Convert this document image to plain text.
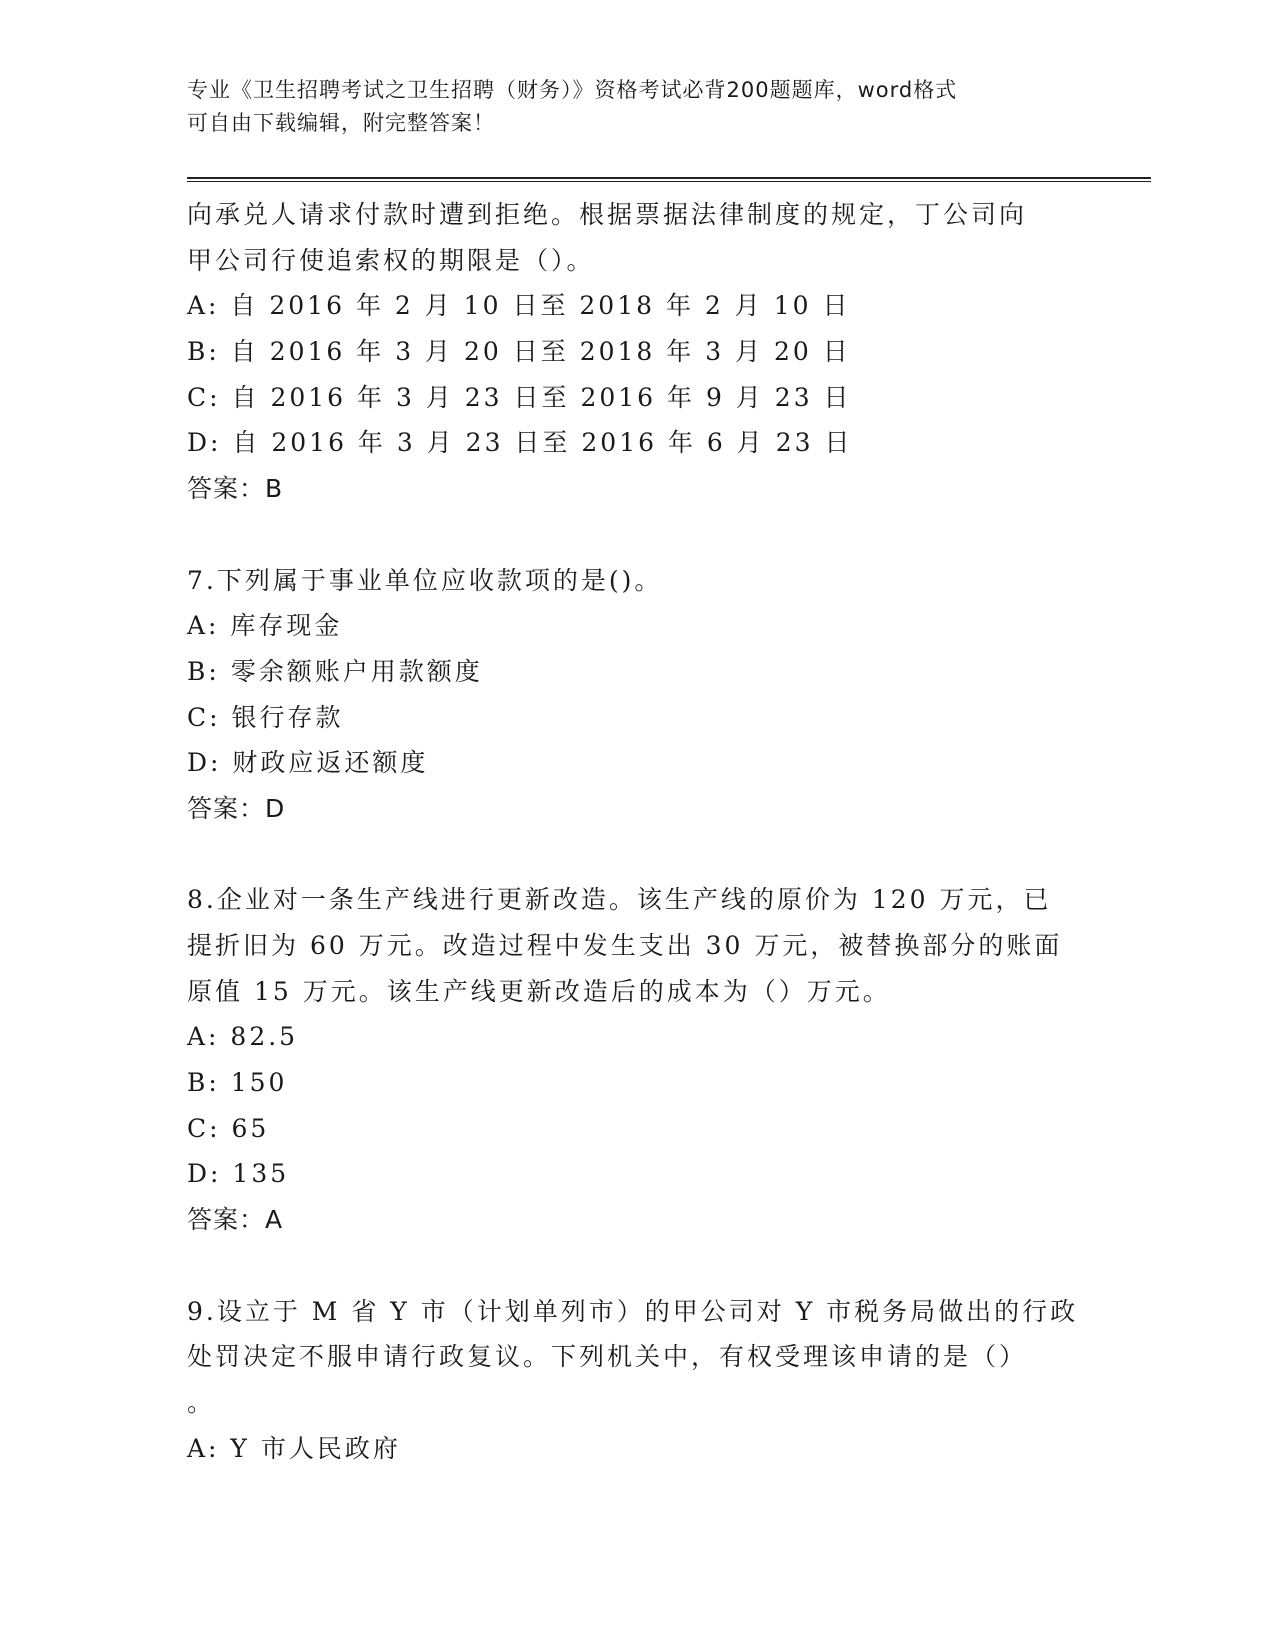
专业《卫生招聘考试之卫生招聘（财务）》资格考试必背200题题库，word格式
可自由下载编辑，附完整答案！
向承兑人请求付款时遭到拒绝。根据票据法律制度的规定，丁公司向
甲公司行使追索权的期限是（）。
A: 自 2016 年 2 月 10 日至 2018 年 2 月 10 日
B: 自 2016 年 3 月 20 日至 2018 年 3 月 20 日
C: 自 2016 年 3 月 23 日至 2016 年 9 月 23 日
D: 自 2016 年 3 月 23 日至 2016 年 6 月 23 日
答案：B
7.下列属于事业单位应收款项的是()。
A: 库存现金
B: 零余额账户用款额度
C: 银行存款
D: 财政应返还额度
答案：D
8.企业对一条生产线进行更新改造。该生产线的原价为 120 万元，已
提折旧为 60 万元。改造过程中发生支出 30 万元，被替换部分的账面
原值 15 万元。该生产线更新改造后的成本为（）万元。
A: 82.5
B: 150
C: 65
D: 135
答案：A
9.设立于 M 省 Y 市（计划单列市）的甲公司对 Y 市税务局做出的行政
处罚决定不服申请行政复议。下列机关中，有权受理该申请的是（）
。
A: Y 市人民政府
